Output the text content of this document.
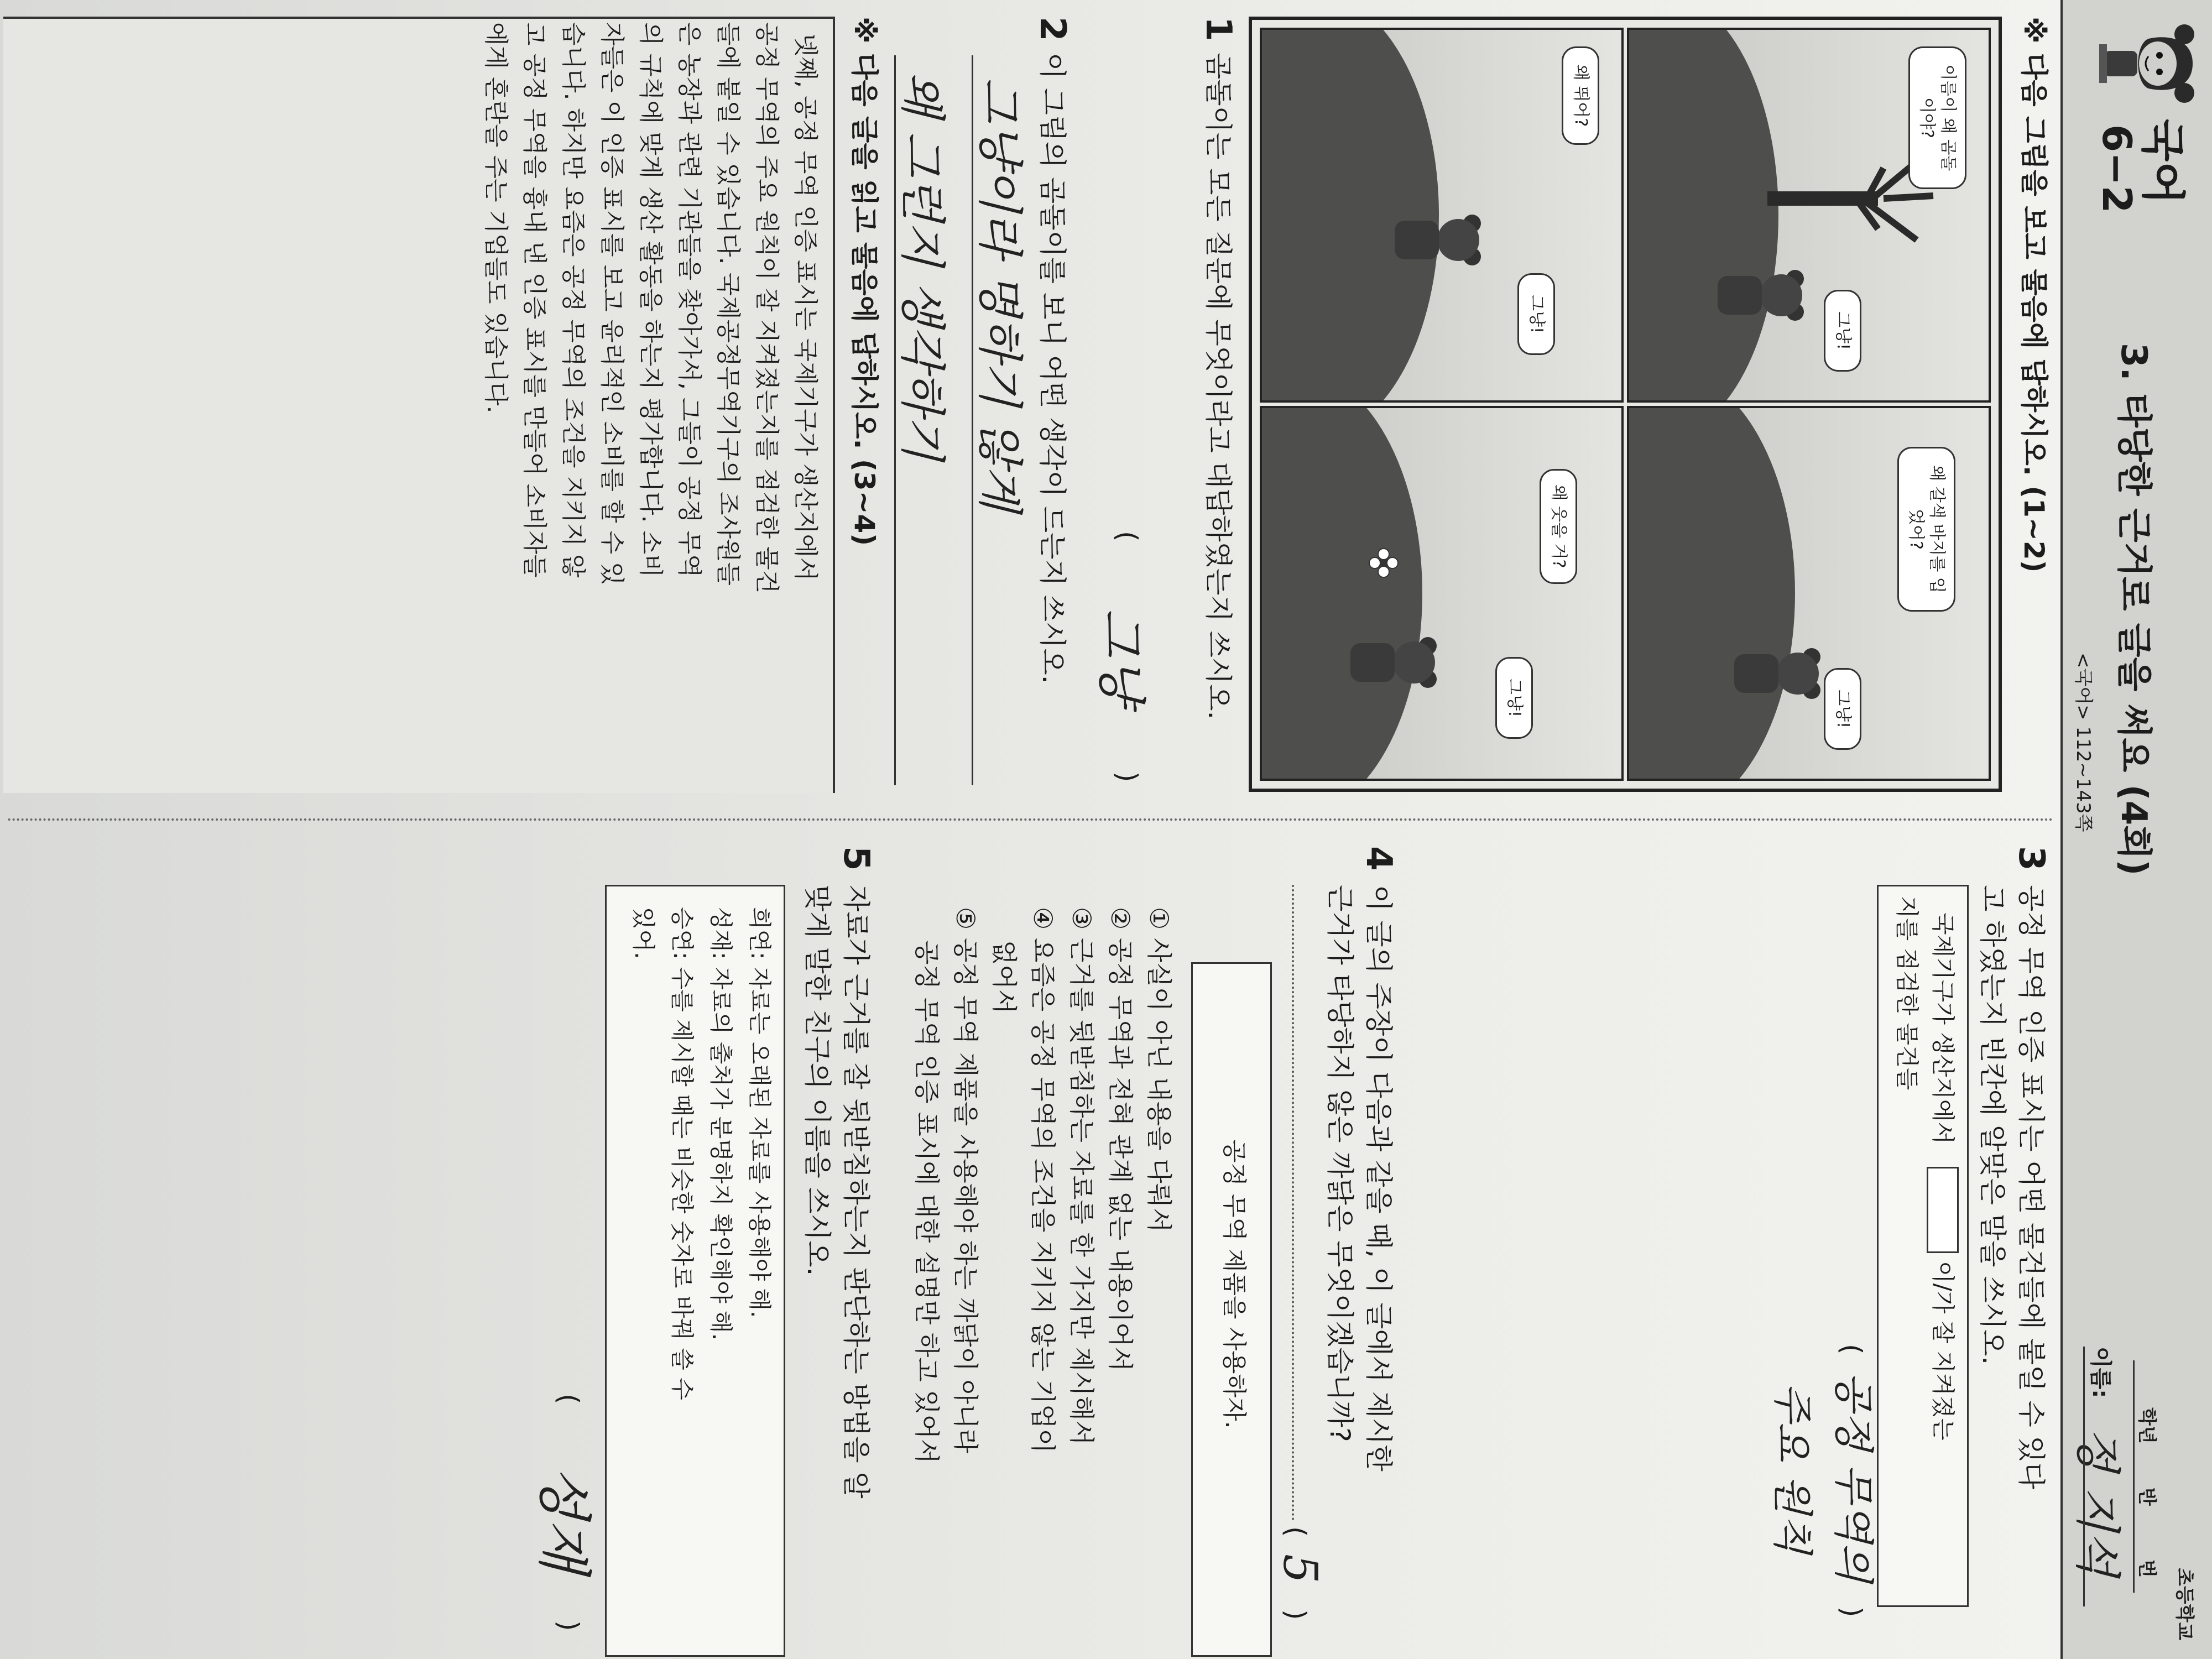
국어
6−2
3. 타당한 근거로 글을 써요 (4회)
<국어> 112~143쪽
초등학교
학년
반
번
이름:
정 지석
※ 다음 그림을 보고 물음에 답하시오. (1~2)
이름이 왜 곰돌이야?
그냥!
왜 갈색 바지를 입었어?
그냥!
왜 뛰어?
그냥!
왜 웃을 거?
그냥!
1
곰돌이는 모든 질문에 무엇이라고 대답하였는지 쓰시오.
(
그냥
)
2
이 그림의 곰돌이를 보니 어떤 생각이 드는지 쓰시오.
그냥이라 명하기 않게
왜 그런지 생각하기
※ 다음 글을 읽고 물음에 답하시오. (3~4)
넷째, 공정 무역 인증 표시는 국제기구가 생산지에서
공정 무역의 주요 원칙이 잘 지켜졌는지를 점검한 물건
들에 붙일 수 있습니다. 국제공정무역기구의 조사원들
은 농장과 관련 기관들을 찾아가서, 그들이 공정 무역
의 규칙에 맞게 생산 활동을 하는지 평가합니다. 소비
자들은 이 인증 표시를 보고 윤리적인 소비를 할 수 있
습니다. 하지만 요즘은 공정 무역의 조건을 지키지 않
고 공정 무역을 흉내 낸 인증 표시를 만들어 소비자들
에게 혼란을 주는 기업들도 있습니다.
3
공정 무역 인증 표시는 어떤 물건들에 붙일 수 있다
고 하였는지 빈칸에 알맞은 말을 쓰시오.
국제기구가 생산지에서
이/가 잘 지켜졌는
지를 점검한 물건들
(
공정 무역의
)
주요 원칙
4
이 글의 주장이 다음과 같을 때, 이 글에서 제시한
근거가 타당하지 않은 까닭은 무엇이겠습니까?
(
5
)
공정 무역 제품을 사용하자.
① 사실이 아닌 내용을 다뤄서
② 공정 무역과 전혀 관계 없는 내용이어서
③ 근거를 뒷받침하는 자료를 한 가지만 제시해서
④ 요즘은 공정 무역의 조건을 지키지 않는 기업이
없어서
⑤ 공정 무역 제품을 사용해야 하는 까닭이 아니라
공정 무역 인증 표시에 대한 설명만 하고 있어서
5
자료가 근거를 잘 뒷받침하는지 판단하는 방법을 알
맞게 말한 친구의 이름을 쓰시오.
희연: 자료는 오래된 자료를 사용해야 해.
성재: 자료의 출처가 분명하지 확인해야 해.
승연: 수를 제시할 때는 비슷한 숫자로 바꿔 쓸 수
있어.
(
성재
)
